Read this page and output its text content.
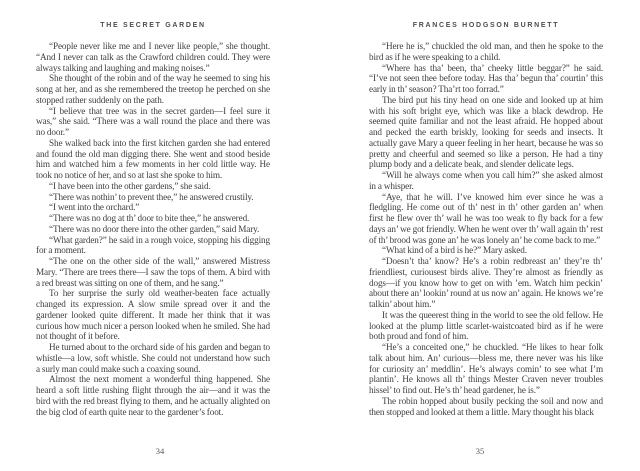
THE SECRET GARDEN

“People never like me and I never like people,” she thought. “And I never can talk as the Crawford children could. They were always talking and laughing and making noises.”

She thought of the robin and of the way he seemed to sing his song at her, and as she remembered the treetop he perched on she stopped rather suddenly on the path.

“I believe that tree was in the secret garden—I feel sure it was,” she said. “There was a wall round the place and there was no door.”

She walked back into the first kitchen garden she had entered and found the old man digging there. She went and stood beside him and watched him a few moments in her cold little way. He took no notice of her, and so at last she spoke to him.

“I have been into the other gardens,” she said.

“There was nothin’ to prevent thee,” he answered crustily.

“I went into the orchard.”

“There was no dog at th’ door to bite thee,” he answered.

“There was no door there into the other garden,” said Mary.

“What garden?” he said in a rough voice, stopping his digging for a moment.

“The one on the other side of the wall,” answered Mistress Mary. “There are trees there—I saw the tops of them. A bird with a red breast was sitting on one of them, and he sang.”

To her surprise the surly old weather-beaten face actually changed its expression. A slow smile spread over it and the gardener looked quite different. It made her think that it was curious how much nicer a person looked when he smiled. She had not thought of it before.

He turned about to the orchard side of his garden and began to whistle—a low, soft whistle. She could not understand how such a surly man could make such a coaxing sound.

Almost the next moment a wonderful thing happened. She heard a soft little rushing flight through the air—and it was the bird with the red breast flying to them, and he actually alighted on the big clod of earth quite near to the gardener’s foot.

34
FRANCES HODGSON BURNETT

“Here he is,” chuckled the old man, and then he spoke to the bird as if he were speaking to a child.

“Where has tha’ been, tha’ cheeky little beggar?” he said. “I’ve not seen thee before today. Has tha’ begun tha’ courtin’ this early in th’ season? Tha’rt too forrad.”

The bird put his tiny head on one side and looked up at him with his soft bright eye, which was like a black dewdrop. He seemed quite familiar and not the least afraid. He hopped about and pecked the earth briskly, looking for seeds and insects. It actually gave Mary a queer feeling in her heart, because he was so pretty and cheerful and seemed so like a person. He had a tiny plump body and a delicate beak, and slender delicate legs.

“Will he always come when you call him?” she asked almost in a whisper.

“Aye, that he will. I’ve knowed him ever since he was a fledgling. He come out of th’ nest in th’ other garden an’ when first he flew over th’ wall he was too weak to fly back for a few days an’ we got friendly. When he went over th’ wall again th’ rest of th’ brood was gone an’ he was lonely an’ he come back to me.”

“What kind of a bird is he?” Mary asked.

“Doesn’t tha’ know? He’s a robin redbreast an’ they’re th’ friendliest, curiousest birds alive. They’re almost as friendly as dogs—if you know how to get on with ’em. Watch him peckin’ about there an’ lookin’ round at us now an’ again. He knows we’re talkin’ about him.”

It was the queerest thing in the world to see the old fellow. He looked at the plump little scarlet-waistcoated bird as if he were both proud and fond of him.

“He’s a conceited one,” he chuckled. “He likes to hear folk talk about him. An’ curious—bless me, there never was his like for curiosity an’ meddlin’. He’s always comin’ to see what I’m plantin’. He knows all th’ things Mester Craven never troubles hissel’ to find out. He’s th’ head gardener, he is.”

The robin hopped about busily pecking the soil and now and then stopped and looked at them a little. Mary thought his black

35
